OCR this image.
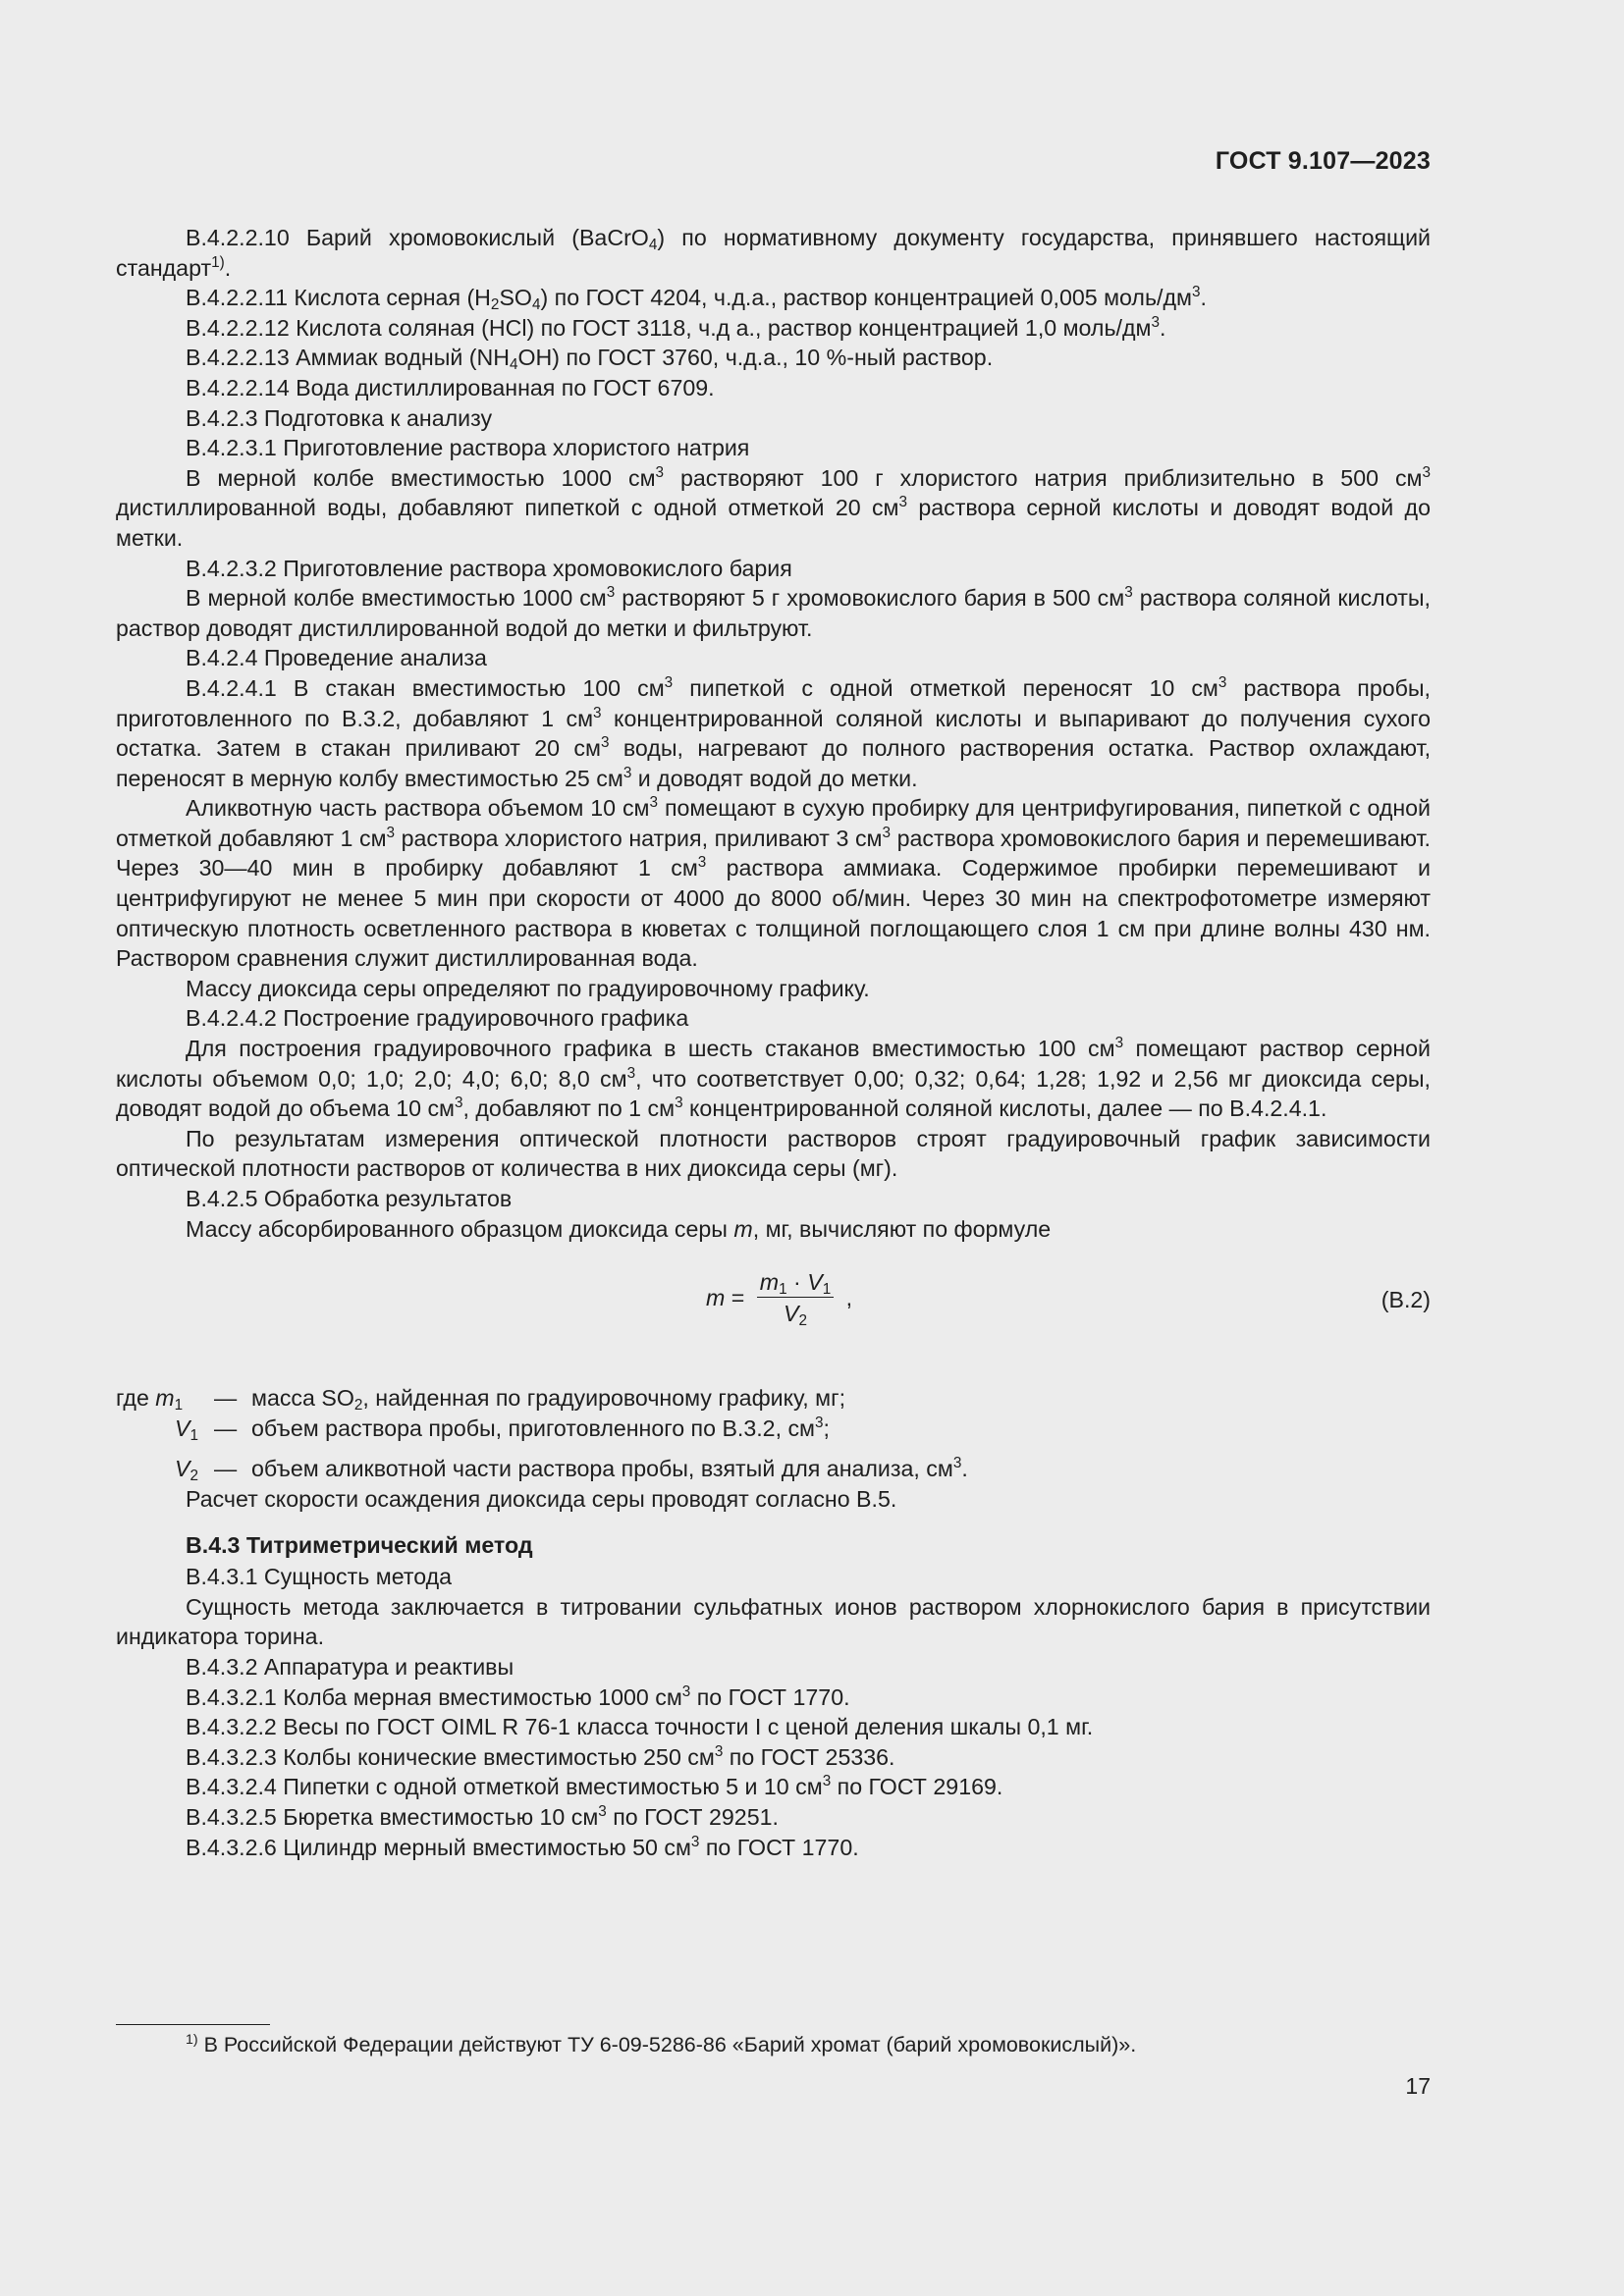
ГОСТ 9.107—2023

В.4.2.2.10 Барий хромовокислый (BaCrO$_4$) по нормативному документу государства, принявшего настоящий стандарт$^{1)}$.

В.4.2.2.11 Кислота серная $(H_2SO_4)$ по ГОСТ 4204, ч.д.а., раствор концентрацией 0,005 моль/$дм^3$.

В.4.2.2.12 Кислота соляная (HCl) по ГОСТ 3118, ч.д а., раствор концентрацией 1,0 моль/$дм^3$.

В.4.2.2.13 Аммиак водный $(NH_4OH)$ по ГОСТ 3760, ч.д.а., 10 %-ный раствор.

В.4.2.2.14 Вода дистиллированная по ГОСТ 6709.

В.4.2.3 Подготовка к анализу

В.4.2.3.1 Приготовление раствора хлористого натрия

В мерной колбе вместимостью 1000 $см^3$ растворяют 100 г хлористого натрия приблизительно в 500 $см^3$ дистиллированной воды, добавляют пипеткой с одной отметкой 20 $см^3$ раствора серной кислоты и доводят водой до метки.

В.4.2.3.2 Приготовление раствора хромовокислого бария

В мерной колбе вместимостью 1000 $см^3$ растворяют 5 г хромовокислого бария в 500 $см^3$ раствора соляной кислоты, раствор доводят дистиллированной водой до метки и фильтруют.

В.4.2.4 Проведение анализа

В.4.2.4.1 В стакан вместимостью 100 $см^3$ пипеткой с одной отметкой переносят 10 $см^3$ раствора пробы, приготовленного по В.3.2, добавляют 1 $см^3$ концентрированной соляной кислоты и выпаривают до получения сухого остатка. Затем в стакан приливают 20 $см^3$ воды, нагревают до полного растворения остатка. Раствор охлаждают, переносят в мерную колбу вместимостью 25 $см^3$ и доводят водой до метки.

Аликвотную часть раствора объемом 10 $см^3$ помещают в сухую пробирку для центрифугирования, пипеткой с одной отметкой добавляют 1 $см^3$ раствора хлористого натрия, приливают 3 $см^3$ раствора хромовокислого бария и перемешивают. Через 30—40 мин в пробирку добавляют 1 $см^3$ раствора аммиака. Содержимое пробирки перемешивают и центрифугируют не менее 5 мин при скорости от 4000 до 8000 об/мин. Через 30 мин на спектрофотометре измеряют оптическую плотность осветленного раствора в кюветах с толщиной поглощающего слоя 1 см при длине волны 430 нм. Раствором сравнения служит дистиллированная вода.

Массу диоксида серы определяют по градуировочному графику.

В.4.2.4.2 Построение градуировочного графика

Для построения градуировочного графика в шесть стаканов вместимостью 100 $см^3$ помещают раствор серной кислоты объемом 0,0; 1,0; 2,0; 4,0; 6,0; 8,0 $см^3$, что соответствует 0,00; 0,32; 0,64; 1,28; 1,92 и 2,56 мг диоксида серы, доводят водой до объема 10 $см^3$, добавляют по 1 $см^3$ концентрированной соляной кислоты, далее — по В.4.2.4.1.

По результатам измерения оптической плотности растворов строят градуировочный график зависимости оптической плотности растворов от количества в них диоксида серы (мг).

В.4.2.5 Обработка результатов

Массу абсорбированного образцом диоксида серы m, мг, вычисляют по формуле

$m = \frac{m_1 \cdot V_1}{V_2}$ ,	(В.2)
где $m_1$ — масса $SO_2$, найденная по градуировочному графику, мг;
$V_1$ — объем раствора пробы, приготовленного по В.3.2, $см^3$;
$V_2$ — объем аликвотной части раствора пробы, взятый для анализа, $см^3$.

Расчет скорости осаждения диоксида серы проводят согласно В.5.

В.4.3 Титриметрический метод

В.4.3.1 Сущность метода

Сущность метода заключается в титровании сульфатных ионов раствором хлорнокислого бария в присутствии индикатора торина.

В.4.3.2 Аппаратура и реактивы

В.4.3.2.1 Колба мерная вместимостью 1000 $см^3$ по ГОСТ 1770.

В.4.3.2.2 Весы по ГОСТ OIML R 76-1 класса точности I с ценой деления шкалы 0,1 мг.

В.4.3.2.3 Колбы конические вместимостью 250 $см^3$ по ГОСТ 25336.

В.4.3.2.4 Пипетки с одной отметкой вместимостью 5 и 10 $см^3$ по ГОСТ 29169.

В.4.3.2.5 Бюретка вместимостью 10 $см^3$ по ГОСТ 29251.

В.4.3.2.6 Цилиндр мерный вместимостью 50 $см^3$ по ГОСТ 1770.

$^{1)}$ В Российской Федерации действуют ТУ 6-09-5286-86 «Барий хромат (барий хромовокислый)».
17
